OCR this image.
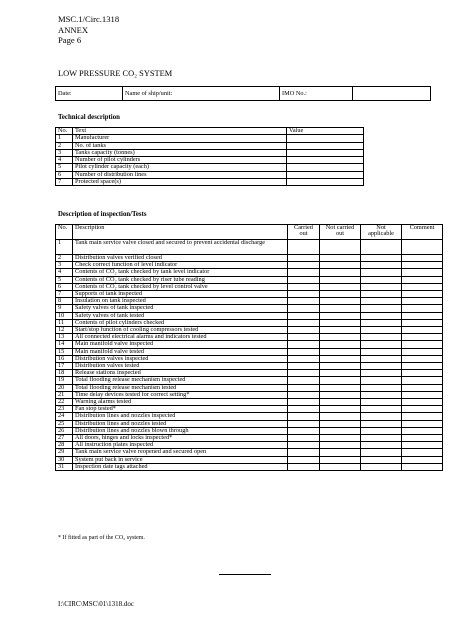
MSC.1/Circ.1318
ANNEX
Page 6
LOW PRESSURE CO₂ SYSTEM
Date:	Name of ship/unit:	IMO No.:	
Technical description
No.	Text	Value
1	Manufacturer	
2	No. of tanks	
3	Tanks capacity (tonnes)	
4	Number of pilot cylinders	
5	Pilot cylinder capacity (each)	
6	Number of distribution lines	
7	Protected space(s)	
Description of inspection/Tests
No.	Description	Carried out	Not carried out	Not applicable	Comment
1	Tank main service valve closed and secured to prevent accidental discharge				
2	Distribution valves verified closed				
3	Check correct function of level indicator				
4	Contents of CO₂ tank checked by tank level indicator				
5	Contents of CO₂ tank checked by riser tube reading				
6	Contents of CO₂ tank checked by level control valve				
7	Supports of tank inspected				
8	Insulation on tank inspected				
9	Safety valves of tank inspected				
10	Safety valves of tank tested				
11	Contents of pilot cylinders checked				
12	Start/stop function of cooling compressors tested				
13	All connected electrical alarms and indicators tested				
14	Main manifold valve inspected				
15	Main manifold valve tested				
16	Distribution valves inspected				
17	Distribution valves tested				
18	Release stations inspected				
19	Total flooding release mechanism inspected				
20	Total flooding release mechanism tested				
21	Time delay devices tested for correct setting*				
22	Warning alarms tested				
23	Fan stop tested*				
24	Distribution lines and nozzles inspected				
25	Distribution lines and nozzles tested				
26	Distribution lines and nozzles blown through				
27	All doors, hinges and locks inspected*				
28	All instruction plates inspected				
29	Tank main service valve reopened and secured open				
30	System put back in service				
31	Inspection date tags attached				
* If fitted as part of the CO₂ system.
I:\CIRC\MSC\01\1318.doc
